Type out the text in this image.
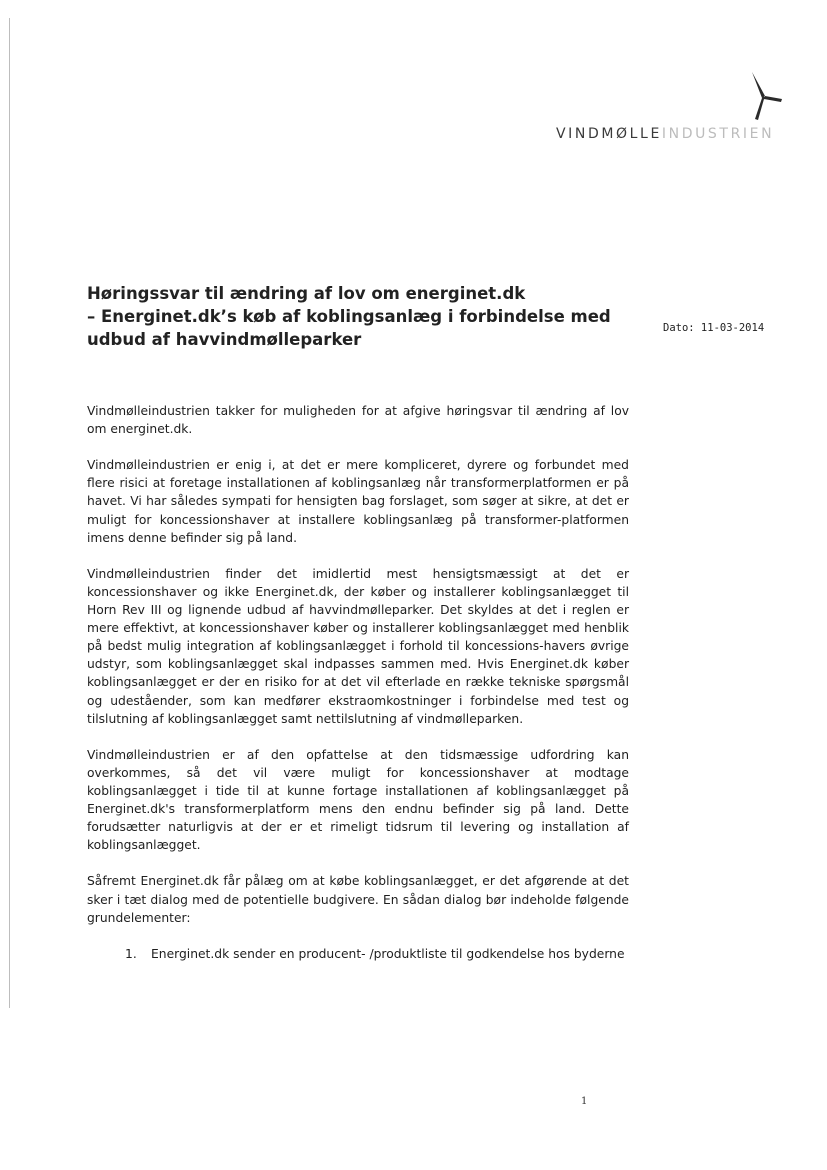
VINDMØLLEINDUSTRIEN
Høringssvar til ændring af lov om energinet.dk
– Energinet.dk’s køb af koblingsanlæg i forbindelse med
udbud af havvindmølleparker
Dato: 11-03-2014

Vindmølleindustrien takker for muligheden for at afgive høringsvar til ændring af lov om energinet.dk.

Vindmølleindustrien er enig i, at det er mere kompliceret, dyrere og forbundet med flere risici at foretage installationen af koblingsanlæg når transformerplatformen er på havet. Vi har således sympati for hensigten bag forslaget, som søger at sikre, at det er muligt for koncessionshaver at installere koblingsanlæg på transformer-platformen imens denne befinder sig på land.

Vindmølleindustrien finder det imidlertid mest hensigtsmæssigt at det er koncessionshaver og ikke Energinet.dk, der køber og installerer koblingsanlægget til Horn Rev III og lignende udbud af havvindmølleparker. Det skyldes at det i reglen er mere effektivt, at koncessionshaver køber og installerer koblingsanlægget med henblik på bedst mulig integration af koblingsanlægget i forhold til koncessions-havers øvrige udstyr, som koblingsanlægget skal indpasses sammen med. Hvis Energinet.dk køber koblingsanlægget er der en risiko for at det vil efterlade en række tekniske spørgsmål og udeståender, som kan medfører ekstraomkostninger i forbindelse med test og tilslutning af koblingsanlægget samt nettilslutning af vindmølleparken.

Vindmølleindustrien er af den opfattelse at den tidsmæssige udfordring kan overkommes, så det vil være muligt for koncessionshaver at modtage koblingsanlægget i tide til at kunne fortage installationen af koblingsanlægget på Energinet.dk's transformerplatform mens den endnu befinder sig på land. Dette forudsætter naturligvis at der er et rimeligt tidsrum til levering og installation af koblingsanlægget.

Såfremt Energinet.dk får pålæg om at købe koblingsanlægget, er det afgørende at det sker i tæt dialog med de potentielle budgivere. En sådan dialog bør indeholde følgende grundelementer:

1. Energinet.dk sender en producent- /produktliste til godkendelse hos byderne
1
